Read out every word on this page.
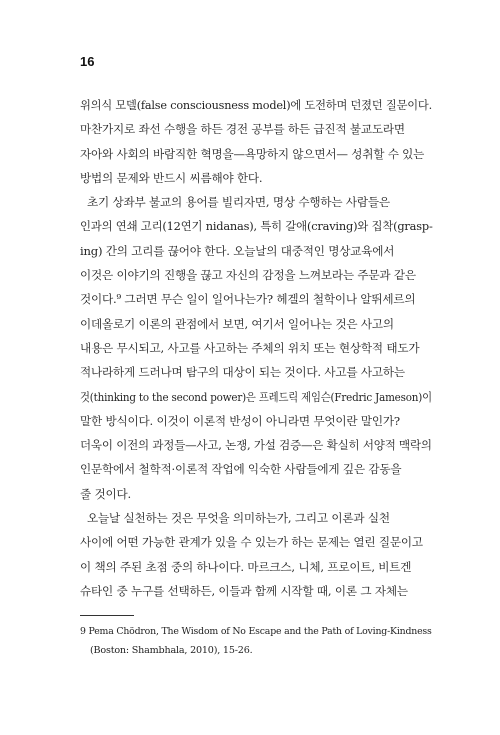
16
위의식 모델(false consciousness model)에 도전하며 던졌던 질문이다.
마찬가지로 좌선 수행을 하든 경전 공부를 하든 급진적 불교도라면
자아와 사회의 바람직한 혁명을—욕망하지 않으면서— 성취할 수 있는
방법의 문제와 반드시 씨름해야 한다.
초기 상좌부 불교의 용어를 빌리자면, 명상 수행하는 사람들은
인과의 연쇄 고리(12연기 nidanas), 특히 갈애(craving)와 집착(grasp-
ing) 간의 고리를 끊어야 한다. 오늘날의 대중적인 명상교육에서
이것은 이야기의 진행을 끊고 자신의 감정을 느껴보라는 주문과 같은
것이다.⁹ 그러면 무슨 일이 일어나는가? 헤겔의 철학이나 알뛰세르의
이데올로기 이론의 관점에서 보면, 여기서 일어나는 것은 사고의
내용은 무시되고, 사고를 사고하는 주체의 위치 또는 현상학적 태도가
적나라하게 드러나며 탐구의 대상이 되는 것이다. 사고를 사고하는
것(thinking to the second power)은 프레드릭 제임슨(Fredric Jameson)이
말한 방식이다. 이것이 이론적 반성이 아니라면 무엇이란 말인가?
더욱이 이전의 과정들—사고, 논쟁, 가설 검증—은 확실히 서양적 맥락의
인문학에서 철학적·이론적 작업에 익숙한 사람들에게 깊은 감동을
줄 것이다.
오늘날 실천하는 것은 무엇을 의미하는가, 그리고 이론과 실천
사이에 어떤 가능한 관계가 있을 수 있는가 하는 문제는 열린 질문이고
이 책의 주된 초점 중의 하나이다. 마르크스, 니체, 프로이트, 비트겐
슈타인 중 누구를 선택하든, 이들과 함께 시작할 때, 이론 그 자체는
9 Pema Chödron, The Wisdom of No Escape and the Path of Loving-Kindness
(Boston: Shambhala, 2010), 15-26.
